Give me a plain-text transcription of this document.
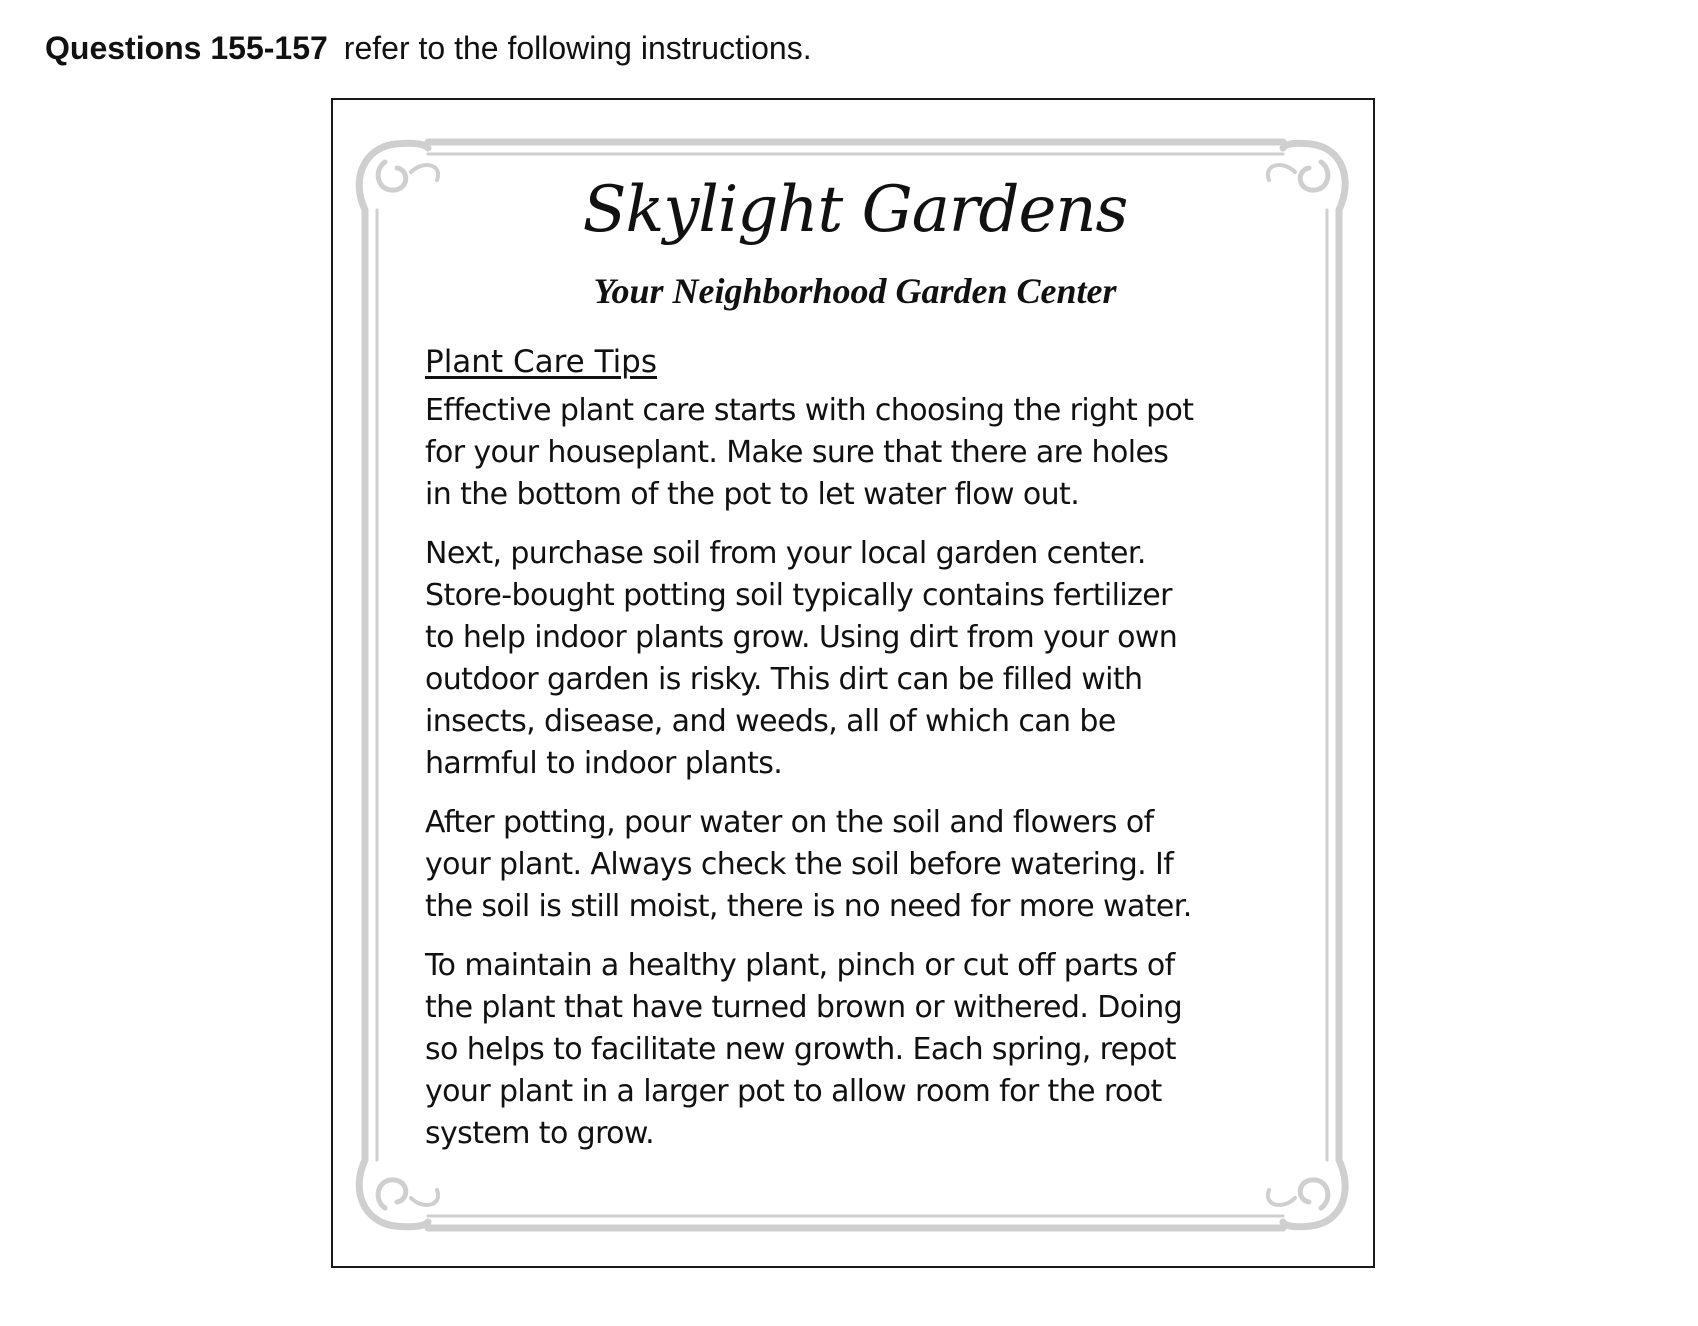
Questions 155-157 refer to the following instructions.
Skylight Gardens
Your Neighborhood Garden Center
Plant Care Tips

Effective plant care starts with choosing the right pot
for your houseplant. Make sure that there are holes
in the bottom of the pot to let water flow out.

Next, purchase soil from your local garden center.
Store-bought potting soil typically contains fertilizer
to help indoor plants grow. Using dirt from your own
outdoor garden is risky. This dirt can be filled with
insects, disease, and weeds, all of which can be
harmful to indoor plants.

After potting, pour water on the soil and flowers of
your plant. Always check the soil before watering. If
the soil is still moist, there is no need for more water.

To maintain a healthy plant, pinch or cut off parts of
the plant that have turned brown or withered. Doing
so helps to facilitate new growth. Each spring, repot
your plant in a larger pot to allow room for the root
system to grow.
